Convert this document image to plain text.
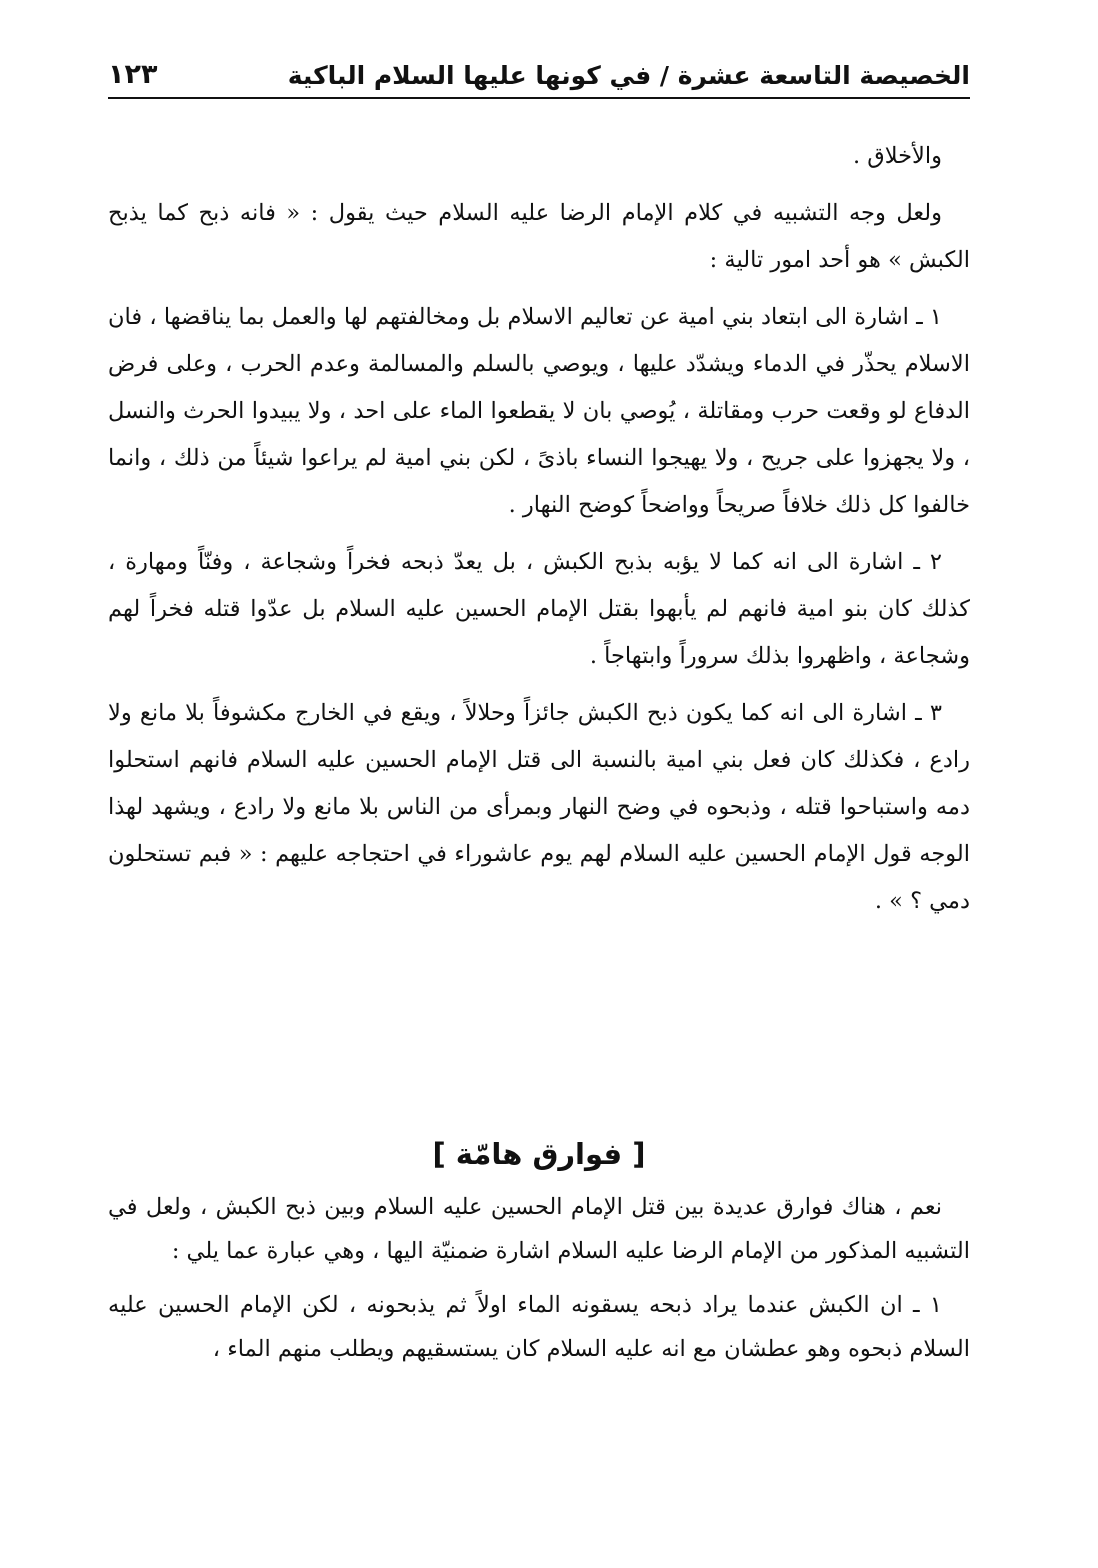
الخصيصة التاسعة عشرة / في كونها عليها السلام الباكية
١٢٣

والأخلاق .

ولعل وجه التشبيه في كلام الإمام الرضا عليه السلام حيث يقول : « فانه ذبح كما يذبح الكبش » هو أحد امور تالية :

١ ـ اشارة الى ابتعاد بني امية عن تعاليم الاسلام بل ومخالفتهم لها والعمل بما يناقضها ، فان الاسلام يحذّر في الدماء ويشدّد عليها ، ويوصي بالسلم والمسالمة وعدم الحرب ، وعلى فرض الدفاع لو وقعت حرب ومقاتلة ، يُوصي بان لا يقطعوا الماء على احد ، ولا يبيدوا الحرث والنسل ، ولا يجهزوا على جريح ، ولا يهيجوا النساء باذىً ، لكن بني امية لم يراعوا شيئاً من ذلك ، وانما خالفوا كل ذلك خلافاً صريحاً وواضحاً كوضح النهار .

٢ ـ اشارة الى انه كما لا يؤبه بذبح الكبش ، بل يعدّ ذبحه فخراً وشجاعة ، وفنّاً ومهارة ، كذلك كان بنو امية فانهم لم يأبهوا بقتل الإمام الحسين عليه السلام بل عدّوا قتله فخراً لهم وشجاعة ، واظهروا بذلك سروراً وابتهاجاً .

٣ ـ اشارة الى انه كما يكون ذبح الكبش جائزاً وحلالاً ، ويقع في الخارج مكشوفاً بلا مانع ولا رادع ، فكذلك كان فعل بني امية بالنسبة الى قتل الإمام الحسين عليه السلام فانهم استحلوا دمه واستباحوا قتله ، وذبحوه في وضح النهار وبمرأى من الناس بلا مانع ولا رادع ، ويشهد لهذا الوجه قول الإمام الحسين عليه السلام لهم يوم عاشوراء في احتجاجه عليهم : « فبم تستحلون دمي ؟ » .

[ فوارق هامّة ]

نعم ، هناك فوارق عديدة بين قتل الإمام الحسين عليه السلام وبين ذبح الكبش ، ولعل في التشبيه المذكور من الإمام الرضا عليه السلام اشارة ضمنيّة اليها ، وهي عبارة عما يلي :

١ ـ ان الكبش عندما يراد ذبحه يسقونه الماء اولاً ثم يذبحونه ، لكن الإمام الحسين عليه السلام ذبحوه وهو عطشان مع انه عليه السلام كان يستسقيهم ويطلب منهم الماء ،
